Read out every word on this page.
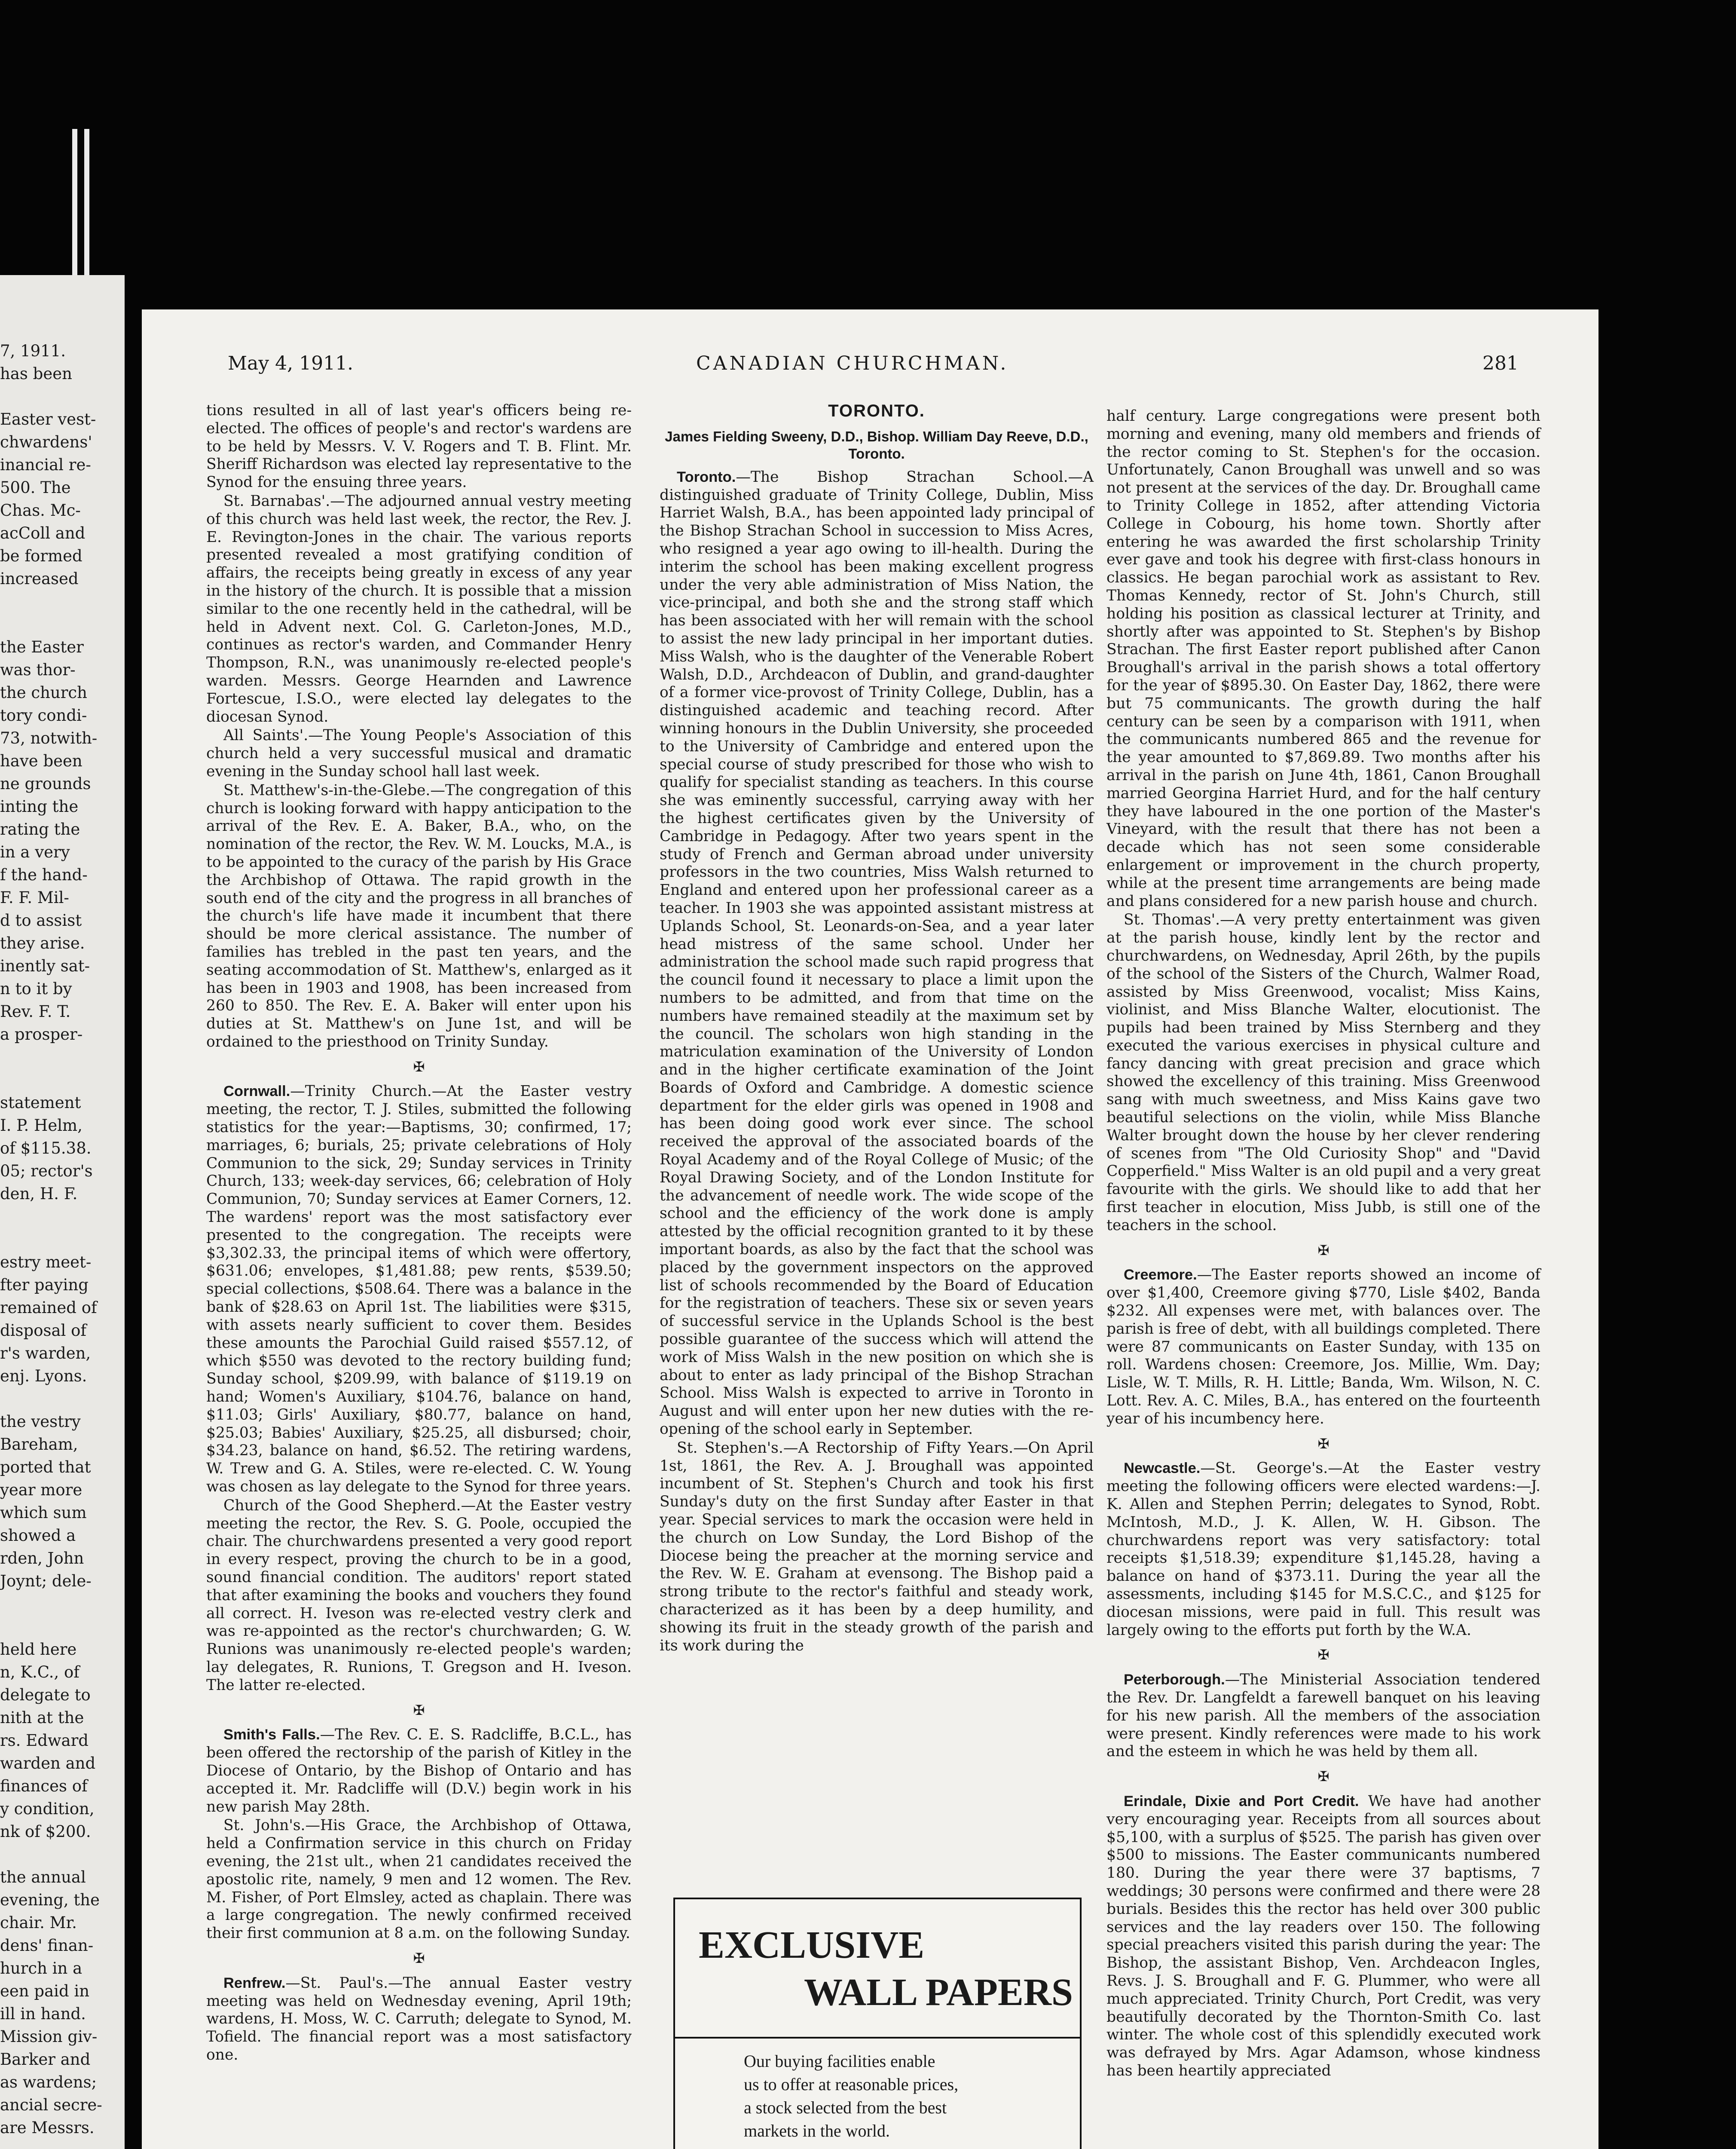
7, 1911.
has been
Easter vest-
chwardens'
inancial re-
500. The
Chas. Mc-
acColl and
be formed
increased
the Easter
was thor-
the church
tory condi-
73, notwith-
have been
ne grounds
inting the
rating the
in a very
f the hand-
F. F. Mil-
d to assist
they arise.
inently sat-
n to it by
Rev. F. T.
a prosper-
statement
I. P. Helm,
of $115.38.
05; rector's
den, H. F.
estry meet-
fter paying
remained of
disposal of
r's warden,
enj. Lyons.
the vestry
Bareham,
ported that
year more
which sum
showed a
rden, John
Joynt; dele-
held here
n, K.C., of
delegate to
nith at the
rs. Edward
warden and
finances of
y condition,
nk of $200.
the annual
evening, the
chair. Mr.
dens' finan-
hurch in a
een paid in
ill in hand.
Mission giv-
Barker and
as wardens;
ancial secre-
are Messrs.
May 4, 1911.	CANADIAN CHURCHMAN.	281

tions resulted in all of last year's officers being re-elected. The offices of people's and rector's wardens are to be held by Messrs. V. V. Rogers and T. B. Flint. Mr. Sheriff Richardson was elected lay representative to the Synod for the ensuing three years.

St. Barnabas'.—The adjourned annual vestry meeting of this church was held last week, the rector, the Rev. J. E. Revington-Jones in the chair. The various reports presented revealed a most gratifying condition of affairs, the receipts being greatly in excess of any year in the history of the church. It is possible that a mission similar to the one recently held in the cathedral, will be held in Advent next. Col. G. Carleton-Jones, M.D., continues as rector's warden, and Commander Henry Thompson, R.N., was unanimously re-elected people's warden. Messrs. George Hearnden and Lawrence Fortescue, I.S.O., were elected lay delegates to the diocesan Synod.

All Saints'.—The Young People's Association of this church held a very successful musical and dramatic evening in the Sunday school hall last week.

St. Matthew's-in-the-Glebe.—The congregation of this church is looking forward with happy anticipation to the arrival of the Rev. E. A. Baker, B.A., who, on the nomination of the rector, the Rev. W. M. Loucks, M.A., is to be appointed to the curacy of the parish by His Grace the Archbishop of Ottawa. The rapid growth in the south end of the city and the progress in all branches of the church's life have made it incumbent that there should be more clerical assistance. The number of families has trebled in the past ten years, and the seating accommodation of St. Matthew's, enlarged as it has been in 1903 and 1908, has been increased from 260 to 850. The Rev. E. A. Baker will enter upon his duties at St. Matthew's on June 1st, and will be ordained to the priesthood on Trinity Sunday.

✠

Cornwall.—Trinity Church.—At the Easter vestry meeting, the rector, T. J. Stiles, submitted the following statistics for the year:—Baptisms, 30; confirmed, 17; marriages, 6; burials, 25; private celebrations of Holy Communion to the sick, 29; Sunday services in Trinity Church, 133; week-day services, 66; celebration of Holy Communion, 70; Sunday services at Eamer Corners, 12. The wardens' report was the most satisfactory ever presented to the congregation. The receipts were $3,302.33, the principal items of which were offertory, $631.06; envelopes, $1,481.88; pew rents, $539.50; special collections, $508.64. There was a balance in the bank of $28.63 on April 1st. The liabilities were $315, with assets nearly sufficient to cover them. Besides these amounts the Parochial Guild raised $557.12, of which $550 was devoted to the rectory building fund; Sunday school, $209.99, with balance of $119.19 on hand; Women's Auxiliary, $104.76, balance on hand, $11.03; Girls' Auxiliary, $80.77, balance on hand, $25.03; Babies' Auxiliary, $25.25, all disbursed; choir, $34.23, balance on hand, $6.52. The retiring wardens, W. Trew and G. A. Stiles, were re-elected. C. W. Young was chosen as lay delegate to the Synod for three years.

Church of the Good Shepherd.—At the Easter vestry meeting the rector, the Rev. S. G. Poole, occupied the chair. The churchwardens presented a very good report in every respect, proving the church to be in a good, sound financial condition. The auditors' report stated that after examining the books and vouchers they found all correct. H. Iveson was re-elected vestry clerk and was re-appointed as the rector's churchwarden; G. W. Runions was unanimously re-elected people's warden; lay delegates, R. Runions, T. Gregson and H. Iveson. The latter re-elected.

✠

Smith's Falls.—The Rev. C. E. S. Radcliffe, B.C.L., has been offered the rectorship of the parish of Kitley in the Diocese of Ontario, by the Bishop of Ontario and has accepted it. Mr. Radcliffe will (D.V.) begin work in his new parish May 28th.

St. John's.—His Grace, the Archbishop of Ottawa, held a Confirmation service in this church on Friday evening, the 21st ult., when 21 candidates received the apostolic rite, namely, 9 men and 12 women. The Rev. M. Fisher, of Port Elmsley, acted as chaplain. There was a large congregation. The newly confirmed received their first communion at 8 a.m. on the following Sunday.

✠

Renfrew.—St. Paul's.—The annual Easter vestry meeting was held on Wednesday evening, April 19th; wardens, H. Moss, W. C. Carruth; delegate to Synod, M. Tofield. The financial report was a most satisfactory one.

TORONTO.
James Fielding Sweeny, D.D., Bishop. William Day Reeve, D.D., Toronto.

Toronto.—The Bishop Strachan School.—A distinguished graduate of Trinity College, Dublin, Miss Harriet Walsh, B.A., has been appointed lady principal of the Bishop Strachan School in succession to Miss Acres, who resigned a year ago owing to ill-health. During the interim the school has been making excellent progress under the very able administration of Miss Nation, the vice-principal, and both she and the strong staff which has been associated with her will remain with the school to assist the new lady principal in her important duties. Miss Walsh, who is the daughter of the Venerable Robert Walsh, D.D., Archdeacon of Dublin, and grand-daughter of a former vice-provost of Trinity College, Dublin, has a distinguished academic and teaching record. After winning honours in the Dublin University, she proceeded to the University of Cambridge and entered upon the special course of study prescribed for those who wish to qualify for specialist standing as teachers. In this course she was eminently successful, carrying away with her the highest certificates given by the University of Cambridge in Pedagogy. After two years spent in the study of French and German abroad under university professors in the two countries, Miss Walsh returned to England and entered upon her professional career as a teacher. In 1903 she was appointed assistant mistress at Uplands School, St. Leonards-on-Sea, and a year later head mistress of the same school. Under her administration the school made such rapid progress that the council found it necessary to place a limit upon the numbers to be admitted, and from that time on the numbers have remained steadily at the maximum set by the council. The scholars won high standing in the matriculation examination of the University of London and in the higher certificate examination of the Joint Boards of Oxford and Cambridge. A domestic science department for the elder girls was opened in 1908 and has been doing good work ever since. The school received the approval of the associated boards of the Royal Academy and of the Royal College of Music; of the Royal Drawing Society, and of the London Institute for the advancement of needle work. The wide scope of the school and the efficiency of the work done is amply attested by the official recognition granted to it by these important boards, as also by the fact that the school was placed by the government inspectors on the approved list of schools recommended by the Board of Education for the registration of teachers. These six or seven years of successful service in the Uplands School is the best possible guarantee of the success which will attend the work of Miss Walsh in the new position on which she is about to enter as lady principal of the Bishop Strachan School. Miss Walsh is expected to arrive in Toronto in August and will enter upon her new duties with the re-opening of the school early in September.

St. Stephen's.—A Rectorship of Fifty Years.—On April 1st, 1861, the Rev. A. J. Broughall was appointed incumbent of St. Stephen's Church and took his first Sunday's duty on the first Sunday after Easter in that year. Special services to mark the occasion were held in the church on Low Sunday, the Lord Bishop of the Diocese being the preacher at the morning service and the Rev. W. E. Graham at evensong. The Bishop paid a strong tribute to the rector's faithful and steady work, characterized as it has been by a deep humility, and showing its fruit in the steady growth of the parish and its work during the

half century. Large congregations were present both morning and evening, many old members and friends of the rector coming to St. Stephen's for the occasion. Unfortunately, Canon Broughall was unwell and so was not present at the services of the day. Dr. Broughall came to Trinity College in 1852, after attending Victoria College in Cobourg, his home town. Shortly after entering he was awarded the first scholarship Trinity ever gave and took his degree with first-class honours in classics. He began parochial work as assistant to Rev. Thomas Kennedy, rector of St. John's Church, still holding his position as classical lecturer at Trinity, and shortly after was appointed to St. Stephen's by Bishop Strachan. The first Easter report published after Canon Broughall's arrival in the parish shows a total offertory for the year of $895.30. On Easter Day, 1862, there were but 75 communicants. The growth during the half century can be seen by a comparison with 1911, when the communicants numbered 865 and the revenue for the year amounted to $7,869.89. Two months after his arrival in the parish on June 4th, 1861, Canon Broughall married Georgina Harriet Hurd, and for the half century they have laboured in the one portion of the Master's Vineyard, with the result that there has not been a decade which has not seen some considerable enlargement or improvement in the church property, while at the present time arrangements are being made and plans considered for a new parish house and church.

St. Thomas'.—A very pretty entertainment was given at the parish house, kindly lent by the rector and churchwardens, on Wednesday, April 26th, by the pupils of the school of the Sisters of the Church, Walmer Road, assisted by Miss Greenwood, vocalist; Miss Kains, violinist, and Miss Blanche Walter, elocutionist. The pupils had been trained by Miss Sternberg and they executed the various exercises in physical culture and fancy dancing with great precision and grace which showed the excellency of this training. Miss Greenwood sang with much sweetness, and Miss Kains gave two beautiful selections on the violin, while Miss Blanche Walter brought down the house by her clever rendering of scenes from "The Old Curiosity Shop" and "David Copperfield." Miss Walter is an old pupil and a very great favourite with the girls. We should like to add that her first teacher in elocution, Miss Jubb, is still one of the teachers in the school.

✠

Creemore.—The Easter reports showed an income of over $1,400, Creemore giving $770, Lisle $402, Banda $232. All expenses were met, with balances over. The parish is free of debt, with all buildings completed. There were 87 communicants on Easter Sunday, with 135 on roll. Wardens chosen: Creemore, Jos. Millie, Wm. Day; Lisle, W. T. Mills, R. H. Little; Banda, Wm. Wilson, N. C. Lott. Rev. A. C. Miles, B.A., has entered on the fourteenth year of his incumbency here.

✠

Newcastle.—St. George's.—At the Easter vestry meeting the following officers were elected wardens:—J. K. Allen and Stephen Perrin; delegates to Synod, Robt. McIntosh, M.D., J. K. Allen, W. H. Gibson. The churchwardens report was very satisfactory: total receipts $1,518.39; expenditure $1,145.28, having a balance on hand of $373.11. During the year all the assessments, including $145 for M.S.C.C., and $125 for diocesan missions, were paid in full. This result was largely owing to the efforts put forth by the W.A.

✠

Peterborough.—The Ministerial Association tendered the Rev. Dr. Langfeldt a farewell banquet on his leaving for his new parish. All the members of the association were present. Kindly references were made to his work and the esteem in which he was held by them all.

✠

Erindale, Dixie and Port Credit. We have had another very encouraging year. Receipts from all sources about $5,100, with a surplus of $525. The parish has given over $500 to missions. The Easter communicants numbered 180. During the year there were 37 baptisms, 7 weddings; 30 persons were confirmed and there were 28 burials. Besides this the rector has held over 300 public services and the lay readers over 150. The following special preachers visited this parish during the year: The Bishop, the assistant Bishop, Ven. Archdeacon Ingles, Revs. J. S. Broughall and F. G. Plummer, who were all much appreciated. Trinity Church, Port Credit, was very beautifully decorated by the Thornton-Smith Co. last winter. The whole cost of this splendidly executed work was defrayed by Mrs. Agar Adamson, whose kindness has been heartily appreciated

EXCLUSIVE
WALL PAPERS
Our buying facilities enable
us to offer at reasonable prices,
a stock selected from the best
markets in the world.
